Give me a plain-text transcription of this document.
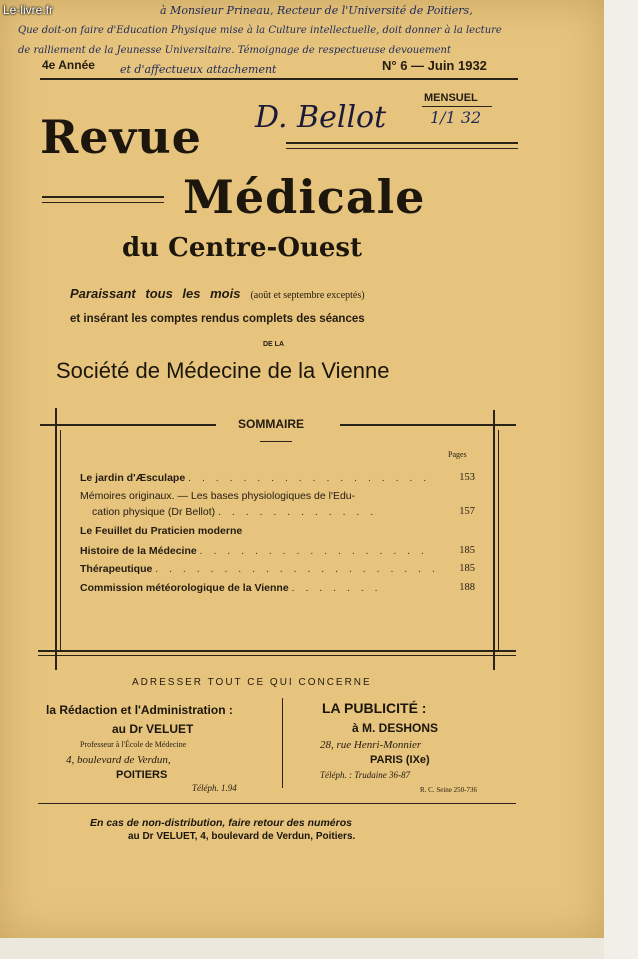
Le-livre.fr	à Monsieur Prineau, Recteur de l'Université de Poitiers,
Que doit-on faire d'Education Physique mise à la Culture intellectuelle, doit donner à la lecture
de ralliement de la Jeunesse Universitaire. Témoignage de respectueuse devouement
et d'affectueux attachement
4e Année	N° 6 — Juin 1932
MENSUEL
1/1 32
Revue D. Bellot
Médicale
du Centre-Ouest
Paraissant tous les mois (août et septembre exceptés)
et insérant les comptes rendus complets des séances
DE LA
Société de Médecine de la Vienne
SOMMAIRE
Pages
Le jardin d'Æsculape . . . . . . . . . . . . . . . . . .	153
Mémoires originaux. — Les bases physiologiques de l'Edu-
cation physique (Dr Bellot) . . . . . . . . . . . .	157
Le Feuillet du Praticien moderne
Histoire de la Médecine . . . . . . . . . . . . . . . . .	185
Thérapeutique . . . . . . . . . . . . . . . . . . . . . 185
Commission météorologique de la Vienne . . . . . . .	188
ADRESSER TOUT CE QUI CONCERNE
la Rédaction et l'Administration :
au Dr VELUET
Professeur à l'École de Médecine
4, boulevard de Verdun,
POITIERS
Téléph. 1.94
LA PUBLICITÉ :
à M. DESHONS
28, rue Henri-Monnier
PARIS (IXe)
Téléph. : Trudaine 36-87
R. C. Seine 250-736
En cas de non-distribution, faire retour des numéros
au Dr VELUET, 4, boulevard de Verdun, Poitiers.
